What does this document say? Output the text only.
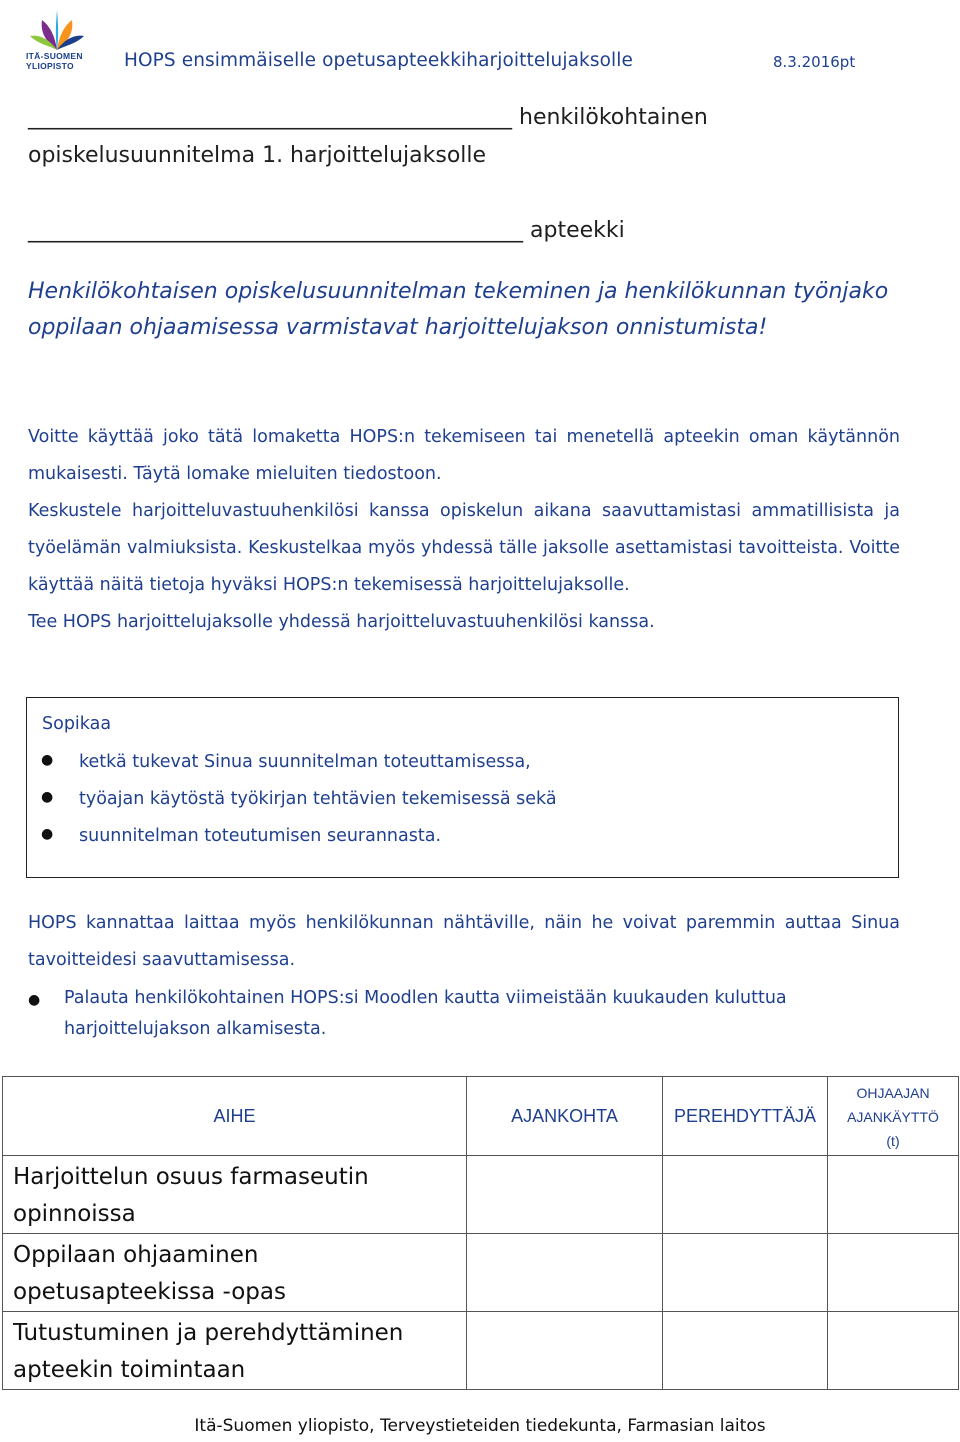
ITÄ-SUOMEN
YLIOPISTO	HOPS ensimmäiselle opetusapteekkiharjoittelujaksolle	8.3.2016pt
____________________________________________ henkilökohtainen
opiskelusuunnitelma 1. harjoittelujaksolle
_____________________________________________ apteekki
Henkilökohtaisen opiskelusuunnitelman tekeminen ja henkilökunnan työnjako oppilaan ohjaamisessa varmistavat harjoittelujakson onnistumista!

Voitte käyttää joko tätä lomaketta HOPS:n tekemiseen tai menetellä apteekin oman käytännön mukaisesti. Täytä lomake mieluiten tiedostoon.

Keskustele harjoitteluvastuuhenkilösi kanssa opiskelun aikana saavuttamistasi ammatillisista ja työelämän valmiuksista. Keskustelkaa myös yhdessä tälle jaksolle asettamistasi tavoitteista. Voitte käyttää näitä tietoja hyväksi HOPS:n tekemisessä harjoittelujaksolle.

Tee HOPS harjoittelujaksolle yhdessä harjoitteluvastuuhenkilösi kanssa.

Sopikaa
● ketkä tukevat Sinua suunnitelman toteuttamisessa,
● työajan käytöstä työkirjan tehtävien tekemisessä sekä
● suunnitelman toteutumisen seurannasta.
HOPS kannattaa laittaa myös henkilökunnan nähtäville, näin he voivat paremmin auttaa Sinua tavoitteidesi saavuttamisessa.
● Palauta henkilökohtainen HOPS:si Moodlen kautta viimeistään kuukauden kuluttua harjoittelujakson alkamisesta.
AIHE	AJANKOHTA	PEREHDYTTÄJÄ	OHJAAJAN
AJANKÄYTTÖ
(t)

Harjoittelun osuus farmaseutin opinnoissa			
Oppilaan ohjaaminen opetusapteekissa -opas			
Tutustuminen ja perehdyttäminen apteekin toimintaan			
Itä-Suomen yliopisto, Terveystieteiden tiedekunta, Farmasian laitos
